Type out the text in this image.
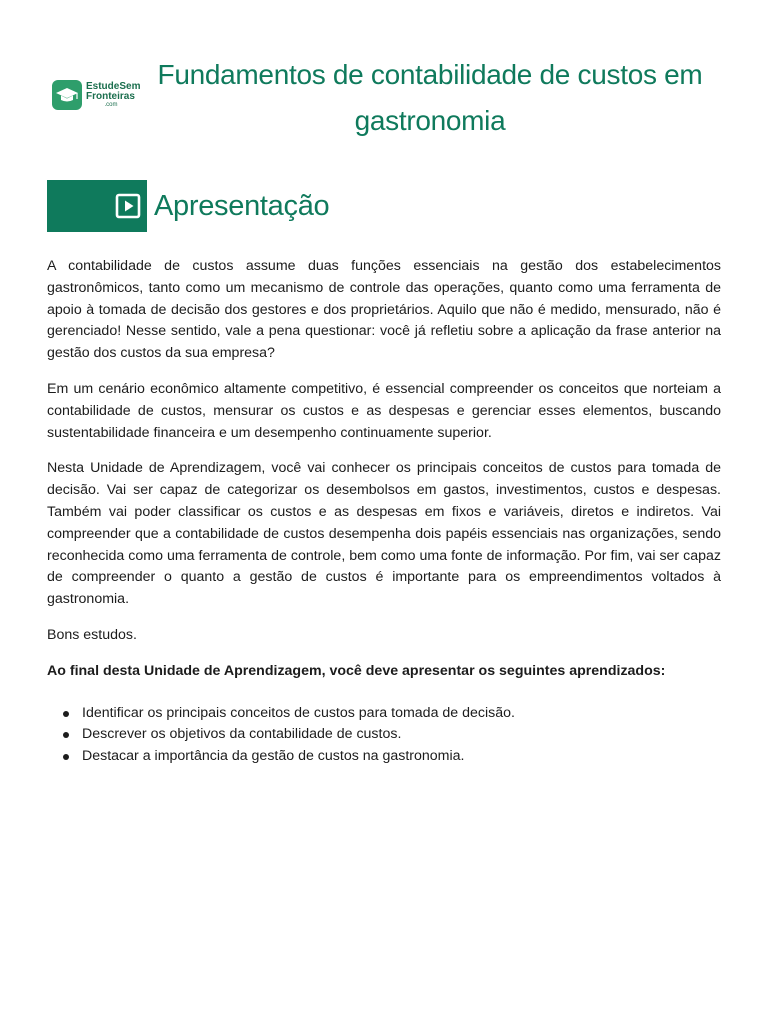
EstudeSem
Fronteiras
.com
Fundamentos de contabilidade de custos em gastronomia
Apresentação

A contabilidade de custos assume duas funções essenciais na gestão dos estabelecimentos gastronômicos, tanto como um mecanismo de controle das operações, quanto como uma ferramenta de apoio à tomada de decisão dos gestores e dos proprietários. Aquilo que não é medido, mensurado, não é gerenciado! Nesse sentido, vale a pena questionar: você já refletiu sobre a aplicação da frase anterior na gestão dos custos da sua empresa?

Em um cenário econômico altamente competitivo, é essencial compreender os conceitos que norteiam a contabilidade de custos, mensurar os custos e as despesas e gerenciar esses elementos, buscando sustentabilidade financeira e um desempenho continuamente superior.

Nesta Unidade de Aprendizagem, você vai conhecer os principais conceitos de custos para tomada de decisão. Vai ser capaz de categorizar os desembolsos em gastos, investimentos, custos e despesas. Também vai poder classificar os custos e as despesas em fixos e variáveis, diretos e indiretos. Vai compreender que a contabilidade de custos desempenha dois papéis essenciais nas organizações, sendo reconhecida como uma ferramenta de controle, bem como uma fonte de informação. Por fim, vai ser capaz de compreender o quanto a gestão de custos é importante para os empreendimentos voltados à gastronomia.

Bons estudos.

Ao final desta Unidade de Aprendizagem, você deve apresentar os seguintes aprendizados:

Identificar os principais conceitos de custos para tomada de decisão.
Descrever os objetivos da contabilidade de custos.
Destacar a importância da gestão de custos na gastronomia.
